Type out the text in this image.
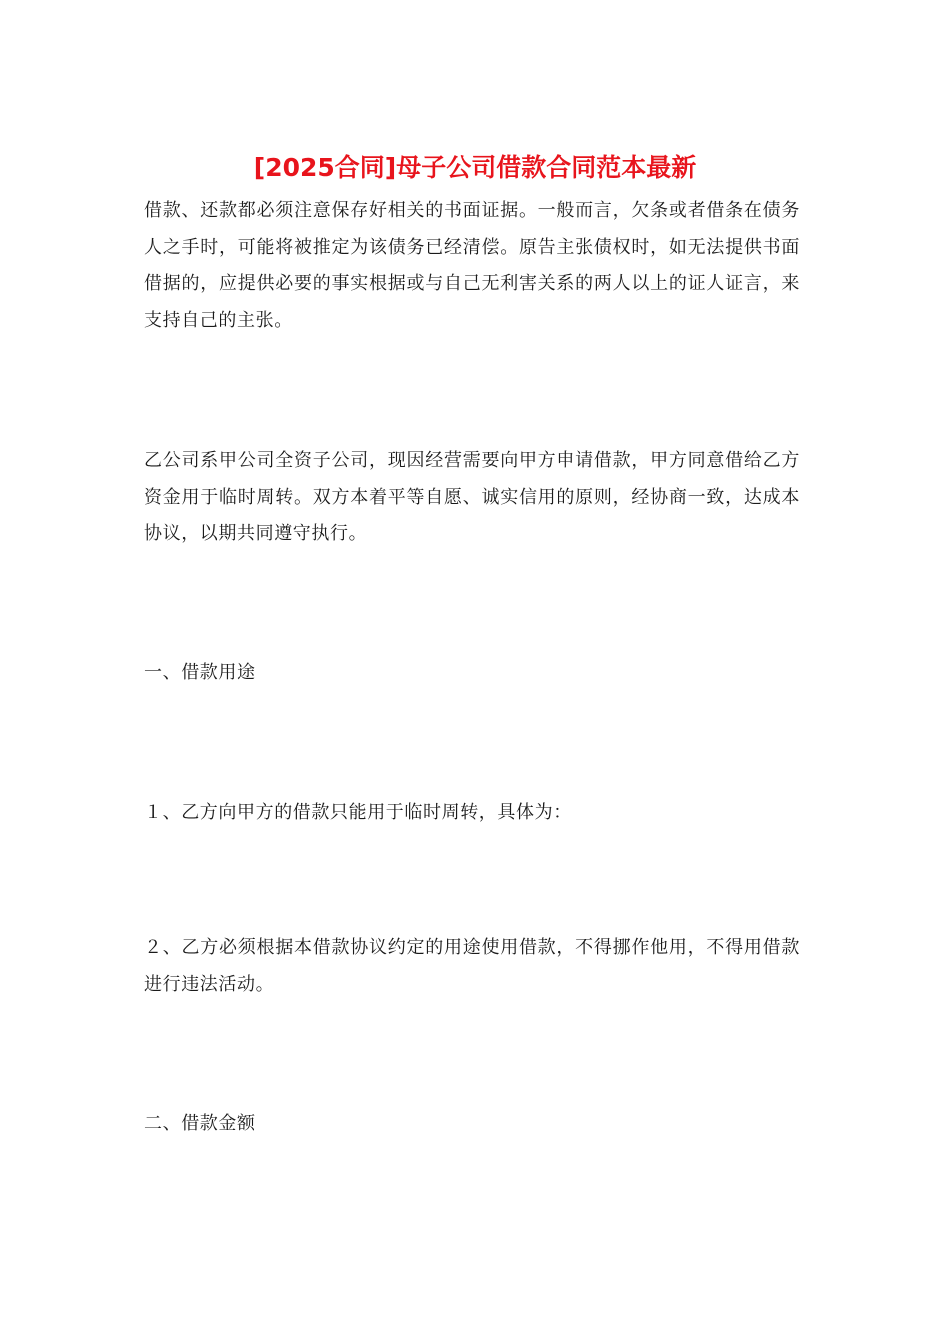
[2025合同]母子公司借款合同范本最新

借款、还款都必须注意保存好相关的书面证据。一般而言，欠条或者借条在债务人之手时，可能将被推定为该债务已经清偿。原告主张债权时，如无法提供书面借据的，应提供必要的事实根据或与自己无利害关系的两人以上的证人证言，来支持自己的主张。

乙公司系甲公司全资子公司，现因经营需要向甲方申请借款，甲方同意借给乙方资金用于临时周转。双方本着平等自愿、诚实信用的原则，经协商一致，达成本协议，以期共同遵守执行。

一、借款用途

１、乙方向甲方的借款只能用于临时周转，具体为：

２、乙方必须根据本借款协议约定的用途使用借款，不得挪作他用，不得用借款进行违法活动。

二、借款金额
